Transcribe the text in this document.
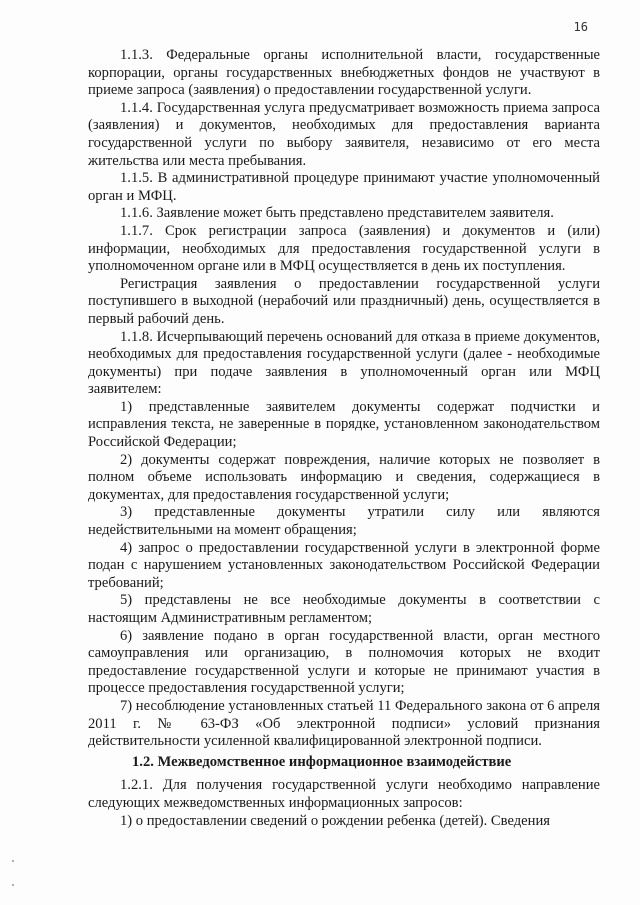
16

1.1.3. Федеральные органы исполнительной власти, государственные корпорации, органы государственных внебюджетных фондов не участвуют в приеме запроса (заявления) о предоставлении государственной услуги.

1.1.4. Государственная услуга предусматривает возможность приема запроса (заявления) и документов, необходимых для предоставления варианта государственной услуги по выбору заявителя, независимо от его места жительства или места пребывания.

1.1.5. В административной процедуре принимают участие уполномоченный орган и МФЦ.

1.1.6. Заявление может быть представлено представителем заявителя.

1.1.7. Срок регистрации запроса (заявления) и документов и (или) информации, необходимых для предоставления государственной услуги в уполномоченном органе или в МФЦ осуществляется в день их поступления.

Регистрация заявления о предоставлении государственной услуги поступившего в выходной (нерабочий или праздничный) день, осуществляется в первый рабочий день.

1.1.8. Исчерпывающий перечень оснований для отказа в приеме документов, необходимых для предоставления государственной услуги (далее - необходимые документы) при подаче заявления в уполномоченный орган или МФЦ заявителем:

1) представленные заявителем документы содержат подчистки и исправления текста, не заверенные в порядке, установленном законодательством Российской Федерации;

2) документы содержат повреждения, наличие которых не позволяет в полном объеме использовать информацию и сведения, содержащиеся в документах, для предоставления государственной услуги;

3) представленные документы утратили силу или являются недействительными на момент обращения;

4) запрос о предоставлении государственной услуги в электронной форме подан с нарушением установленных законодательством Российской Федерации требований;

5) представлены не все необходимые документы в соответствии с настоящим Административным регламентом;

6) заявление подано в орган государственной власти, орган местного самоуправления или организацию, в полномочия которых не входит предоставление государственной услуги и которые не принимают участия в процессе предоставления государственной услуги;

7) несоблюдение установленных статьей 11 Федерального закона от 6 апреля 2011 г. № 63-ФЗ «Об электронной подписи» условий признания действительности усиленной квалифицированной электронной подписи.

1.2. Межведомственное информационное взаимодействие

1.2.1. Для получения государственной услуги необходимо направление следующих межведомственных информационных запросов:

1) о предоставлении сведений о рождении ребенка (детей). Сведения
